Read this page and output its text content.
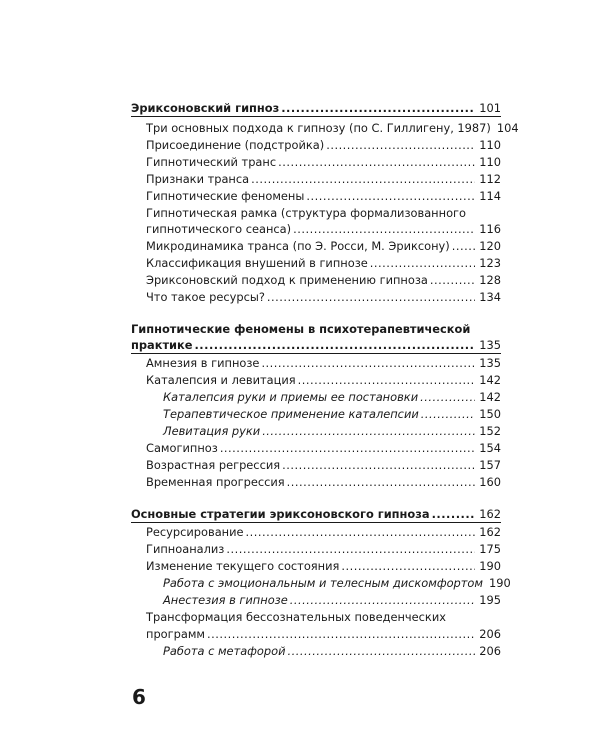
Эриксоновский гипноз .....	101
Три основных подхода к гипнозу (по С. Гиллигену, 1987) 104
Присоединение (подстройка) .....	110
Гипнотический транс .....	110
Признаки транса .....	112
Гипнотические феномены .....	114
Гипнотическая рамка (структура формализованного
гипнотического сеанса) .....	116
Микродинамика транса (по Э. Росси, М. Эриксону) .....	120
Классификация внушений в гипнозе .....	123
Эриксоновский подход к применению гипноза .....	128
Что такое ресурсы? .....	134
Гипнотические феномены в психотерапевтической
практике .....	135
Амнезия в гипнозе .....	135
Каталепсия и левитация .....	142
Каталепсия руки и приемы ее постановки .....	142
Терапевтическое применение каталепсии .....	150
Левитация руки .....	152
Самогипноз .....	154
Возрастная регрессия .....	157
Временная прогрессия .....	160
Основные стратегии эриксоновского гипноза .....	162
Ресурсирование .....	162
Гипноанализ .....	175
Изменение текущего состояния .....	190
Работа с эмоциональным и телесным дискомфортом 190
Анестезия в гипнозе .....	195
Трансформация бессознательных поведенческих
программ .....	206
Работа с метафорой .....	206
6
